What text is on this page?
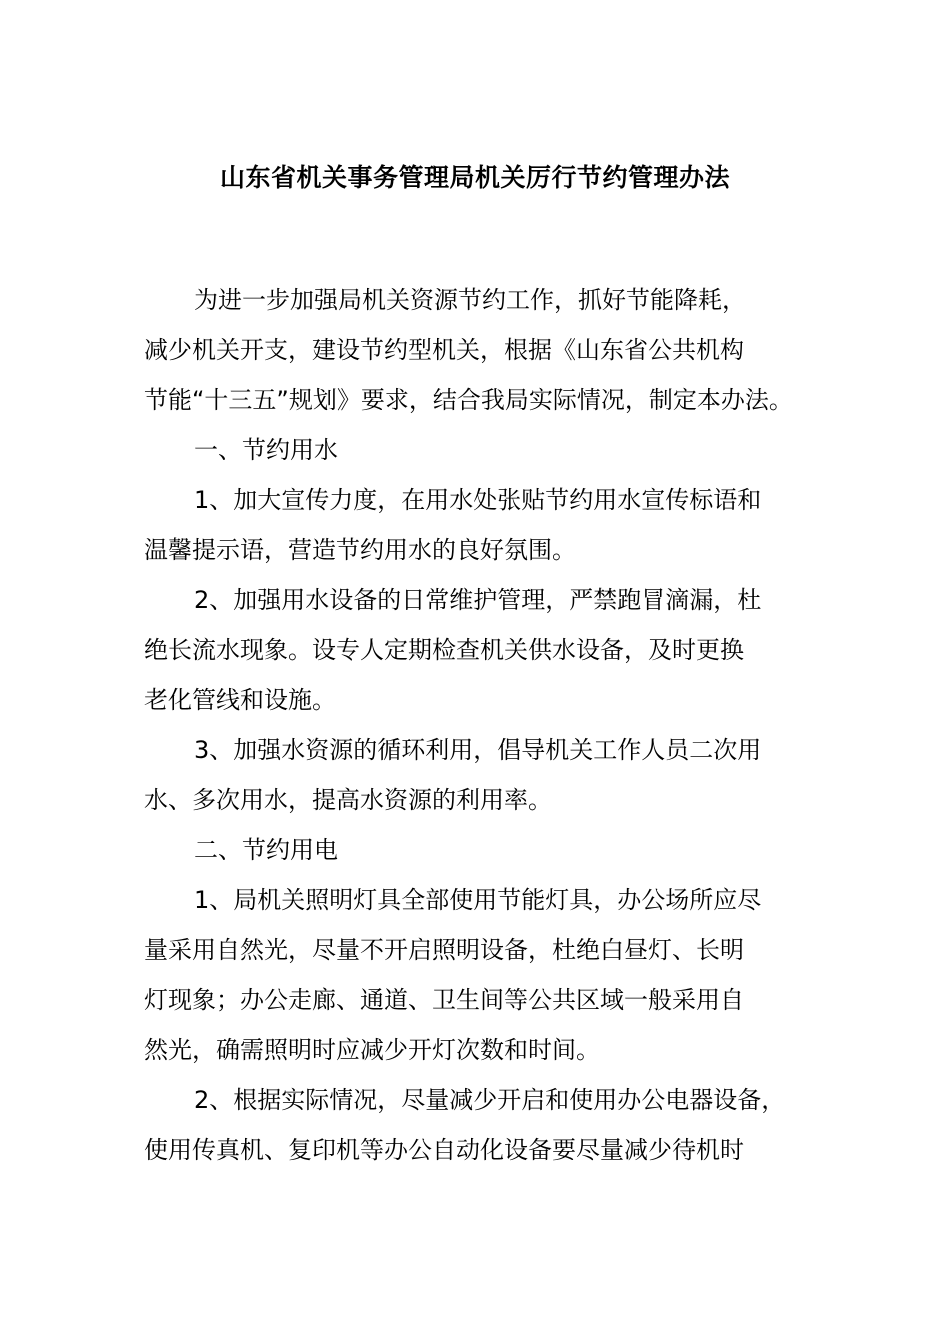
山东省机关事务管理局机关厉行节约管理办法
为进一步加强局机关资源节约工作，抓好节能降耗，
减少机关开支，建设节约型机关，根据《山东省公共机构
节能“十三五”规划》要求，结合我局实际情况，制定本办法。
一、节约用水
1、加大宣传力度，在用水处张贴节约用水宣传标语和
温馨提示语，营造节约用水的良好氛围。
2、加强用水设备的日常维护管理，严禁跑冒滴漏，杜
绝长流水现象。设专人定期检查机关供水设备，及时更换
老化管线和设施。
3、加强水资源的循环利用，倡导机关工作人员二次用
水、多次用水，提高水资源的利用率。
二、节约用电
1、局机关照明灯具全部使用节能灯具，办公场所应尽
量采用自然光，尽量不开启照明设备，杜绝白昼灯、长明
灯现象；办公走廊、通道、卫生间等公共区域一般采用自
然光，确需照明时应减少开灯次数和时间。
2、根据实际情况，尽量减少开启和使用办公电器设备，
使用传真机、复印机等办公自动化设备要尽量减少待机时
